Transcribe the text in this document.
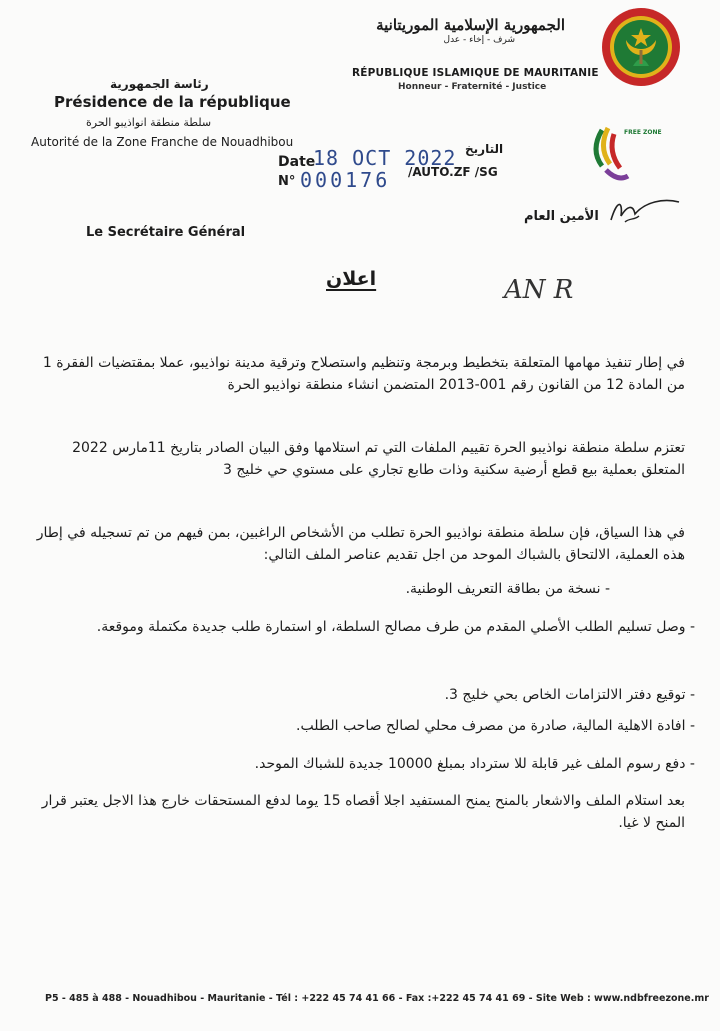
الجمهورية الإسلامية الموريتانية
شرف - إخاء - عدل
RÉPUBLIQUE ISLAMIQUE DE MAURITANIE
Honneur - Fraternité - Justice
FREE ZONE
رئاسة الجمهورية
Présidence de la république
سلطة منطقة انواذيبو الحرة
Autorité de la Zone Franche de Nouadhibou
Date
18 OCT 2022 التاريخ
N° 000176 /AUTO.ZF /SG
Le Secrétaire Général
الأمين العام
اعلان	AN R
في إطار تنفيذ مهامها المتعلقة بتخطيط وبرمجة وتنظيم واستصلاح وترقية مدينة نواذيبو، عملا بمقتضيات الفقرة 1 من المادة 12 من القانون رقم 001-2013 المتضمن انشاء منطقة نواذيبو الحرة
تعتزم سلطة منطقة نواذيبو الحرة تقييم الملفات التي تم استلامها وفق البيان الصادر بتاريخ 11مارس 2022 المتعلق بعملية بيع قطع أرضية سكنية وذات طابع تجاري على مستوي حي خليج 3
في هذا السياق، فإن سلطة منطقة نواذيبو الحرة تطلب من الأشخاص الراغبين، بمن فيهم من تم تسجيله في إطار هذه العملية، الالتحاق بالشباك الموحد من اجل تقديم عناصر الملف التالي:
- نسخة من بطاقة التعريف الوطنية.
- وصل تسليم الطلب الأصلي المقدم من طرف مصالح السلطة، او استمارة طلب جديدة مكتملة وموقعة.
- توقيع دفتر الالتزامات الخاص بحي خليج 3.
- افادة الاهلية المالية، صادرة من مصرف محلي لصالح صاحب الطلب.
- دفع رسوم الملف غير قابلة للا سترداد بمبلغ 10000 جديدة للشباك الموحد.
بعد استلام الملف والاشعار بالمنح يمنح المستفيد اجلا أقصاه 15 يوما لدفع المستحقات خارج هذا الاجل يعتبر قرار المنح لا غيا.
P5 - 485 à 488 - Nouadhibou - Mauritanie - Tél : +222 45 74 41 66 - Fax :+222 45 74 41 69 - Site Web : www.ndbfreezone.mr
